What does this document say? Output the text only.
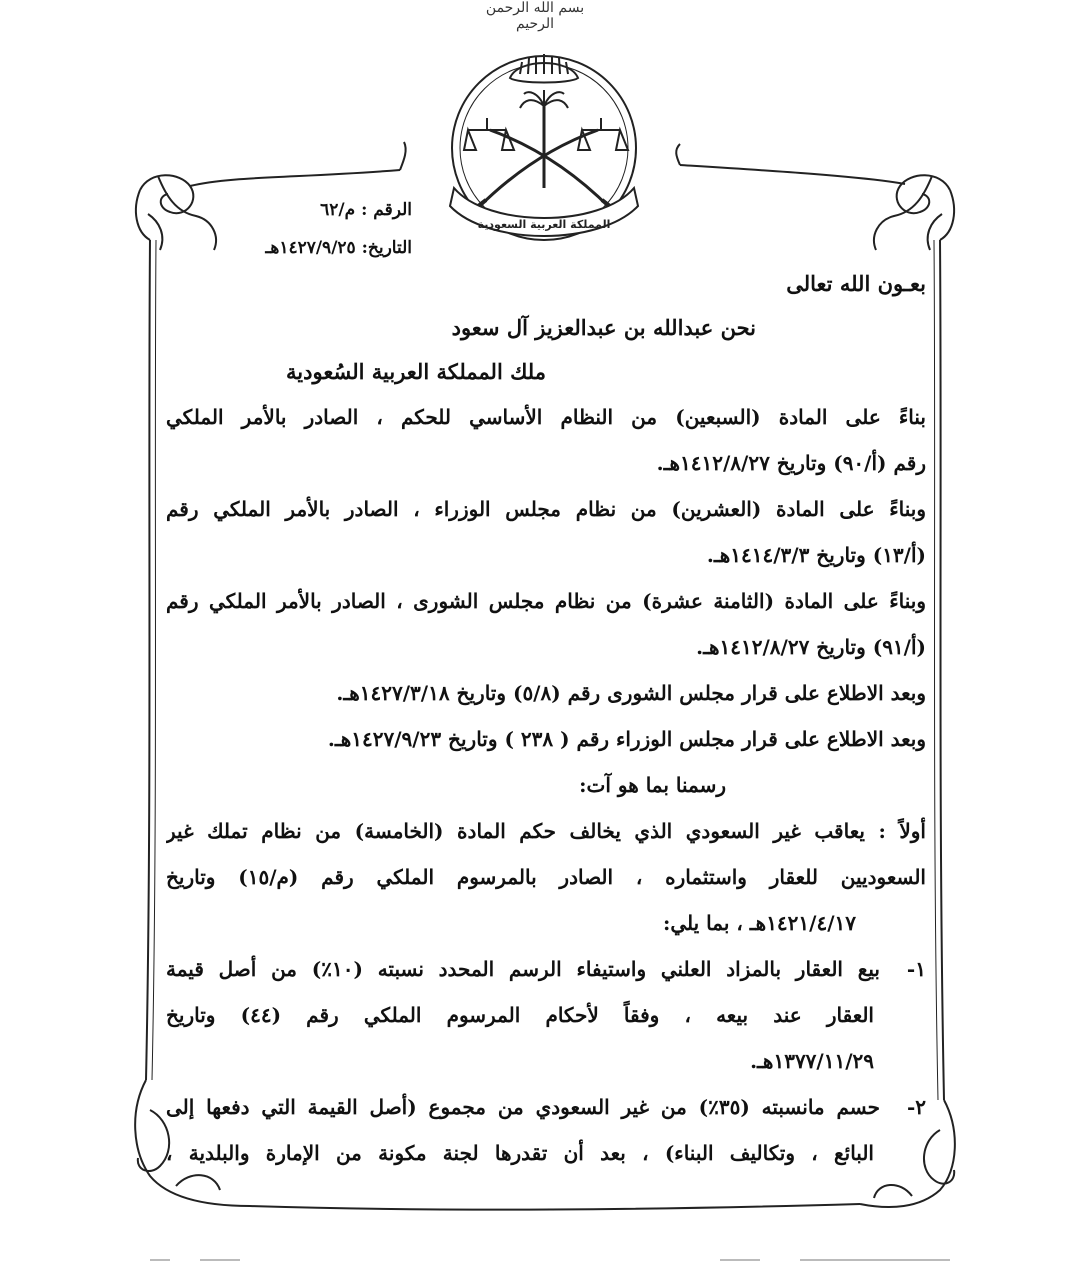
بسم الله الرحمن الرحيم
المملكة العربية السعودية
الرقم : م/٦٢
التاريخ: ١٤٢٧/٩/٢٥هـ
بعـون الله تعالى
نحن عبدالله بن عبدالعزيز آل سعود
ملك المملكة العربية السُعودية
بناءً على المادة (السبعين) من النظام الأساسي للحكم ، الصادر بالأمر الملكي
رقم (أ/٩٠) وتاريخ ١٤١٢/٨/٢٧هـ.
وبناءً على المادة (العشرين) من نظام مجلس الوزراء ، الصادر بالأمر الملكي رقم
(أ/١٣) وتاريخ ١٤١٤/٣/٣هـ.
وبناءً على المادة (الثامنة عشرة) من نظام مجلس الشورى ، الصادر بالأمر الملكي رقم
(أ/٩١) وتاريخ ١٤١٢/٨/٢٧هـ.
وبعد الاطلاع على قرار مجلس الشورى رقم (٥/٨) وتاريخ ١٤٢٧/٣/١٨هـ.
وبعد الاطلاع على قرار مجلس الوزراء رقم ( ٢٣٨ ) وتاريخ ١٤٢٧/٩/٢٣هـ.
رسمنا بما هو آت:
أولاً : يعاقب غير السعودي الذي يخالف حكم المادة (الخامسة) من نظام تملك غير
السعوديين للعقار واستثماره ، الصادر بالمرسوم الملكي رقم (م/١٥) وتاريخ
١٤٢١/٤/١٧هـ ، بما يلي:
١-بيع العقار بالمزاد العلني واستيفاء الرسم المحدد نسبته (١٠٪) من أصل قيمة
العقار عند بيعه ، وفقاً لأحكام المرسوم الملكي رقم (٤٤) وتاريخ
١٣٧٧/١١/٢٩هـ.
٢-حسم مانسبته (٣٥٪) من غير السعودي من مجموع (أصل القيمة التي دفعها إلى
البائع ، وتكاليف البناء) ، بعد أن تقدرها لجنة مكونة من الإمارة والبلدية ،
